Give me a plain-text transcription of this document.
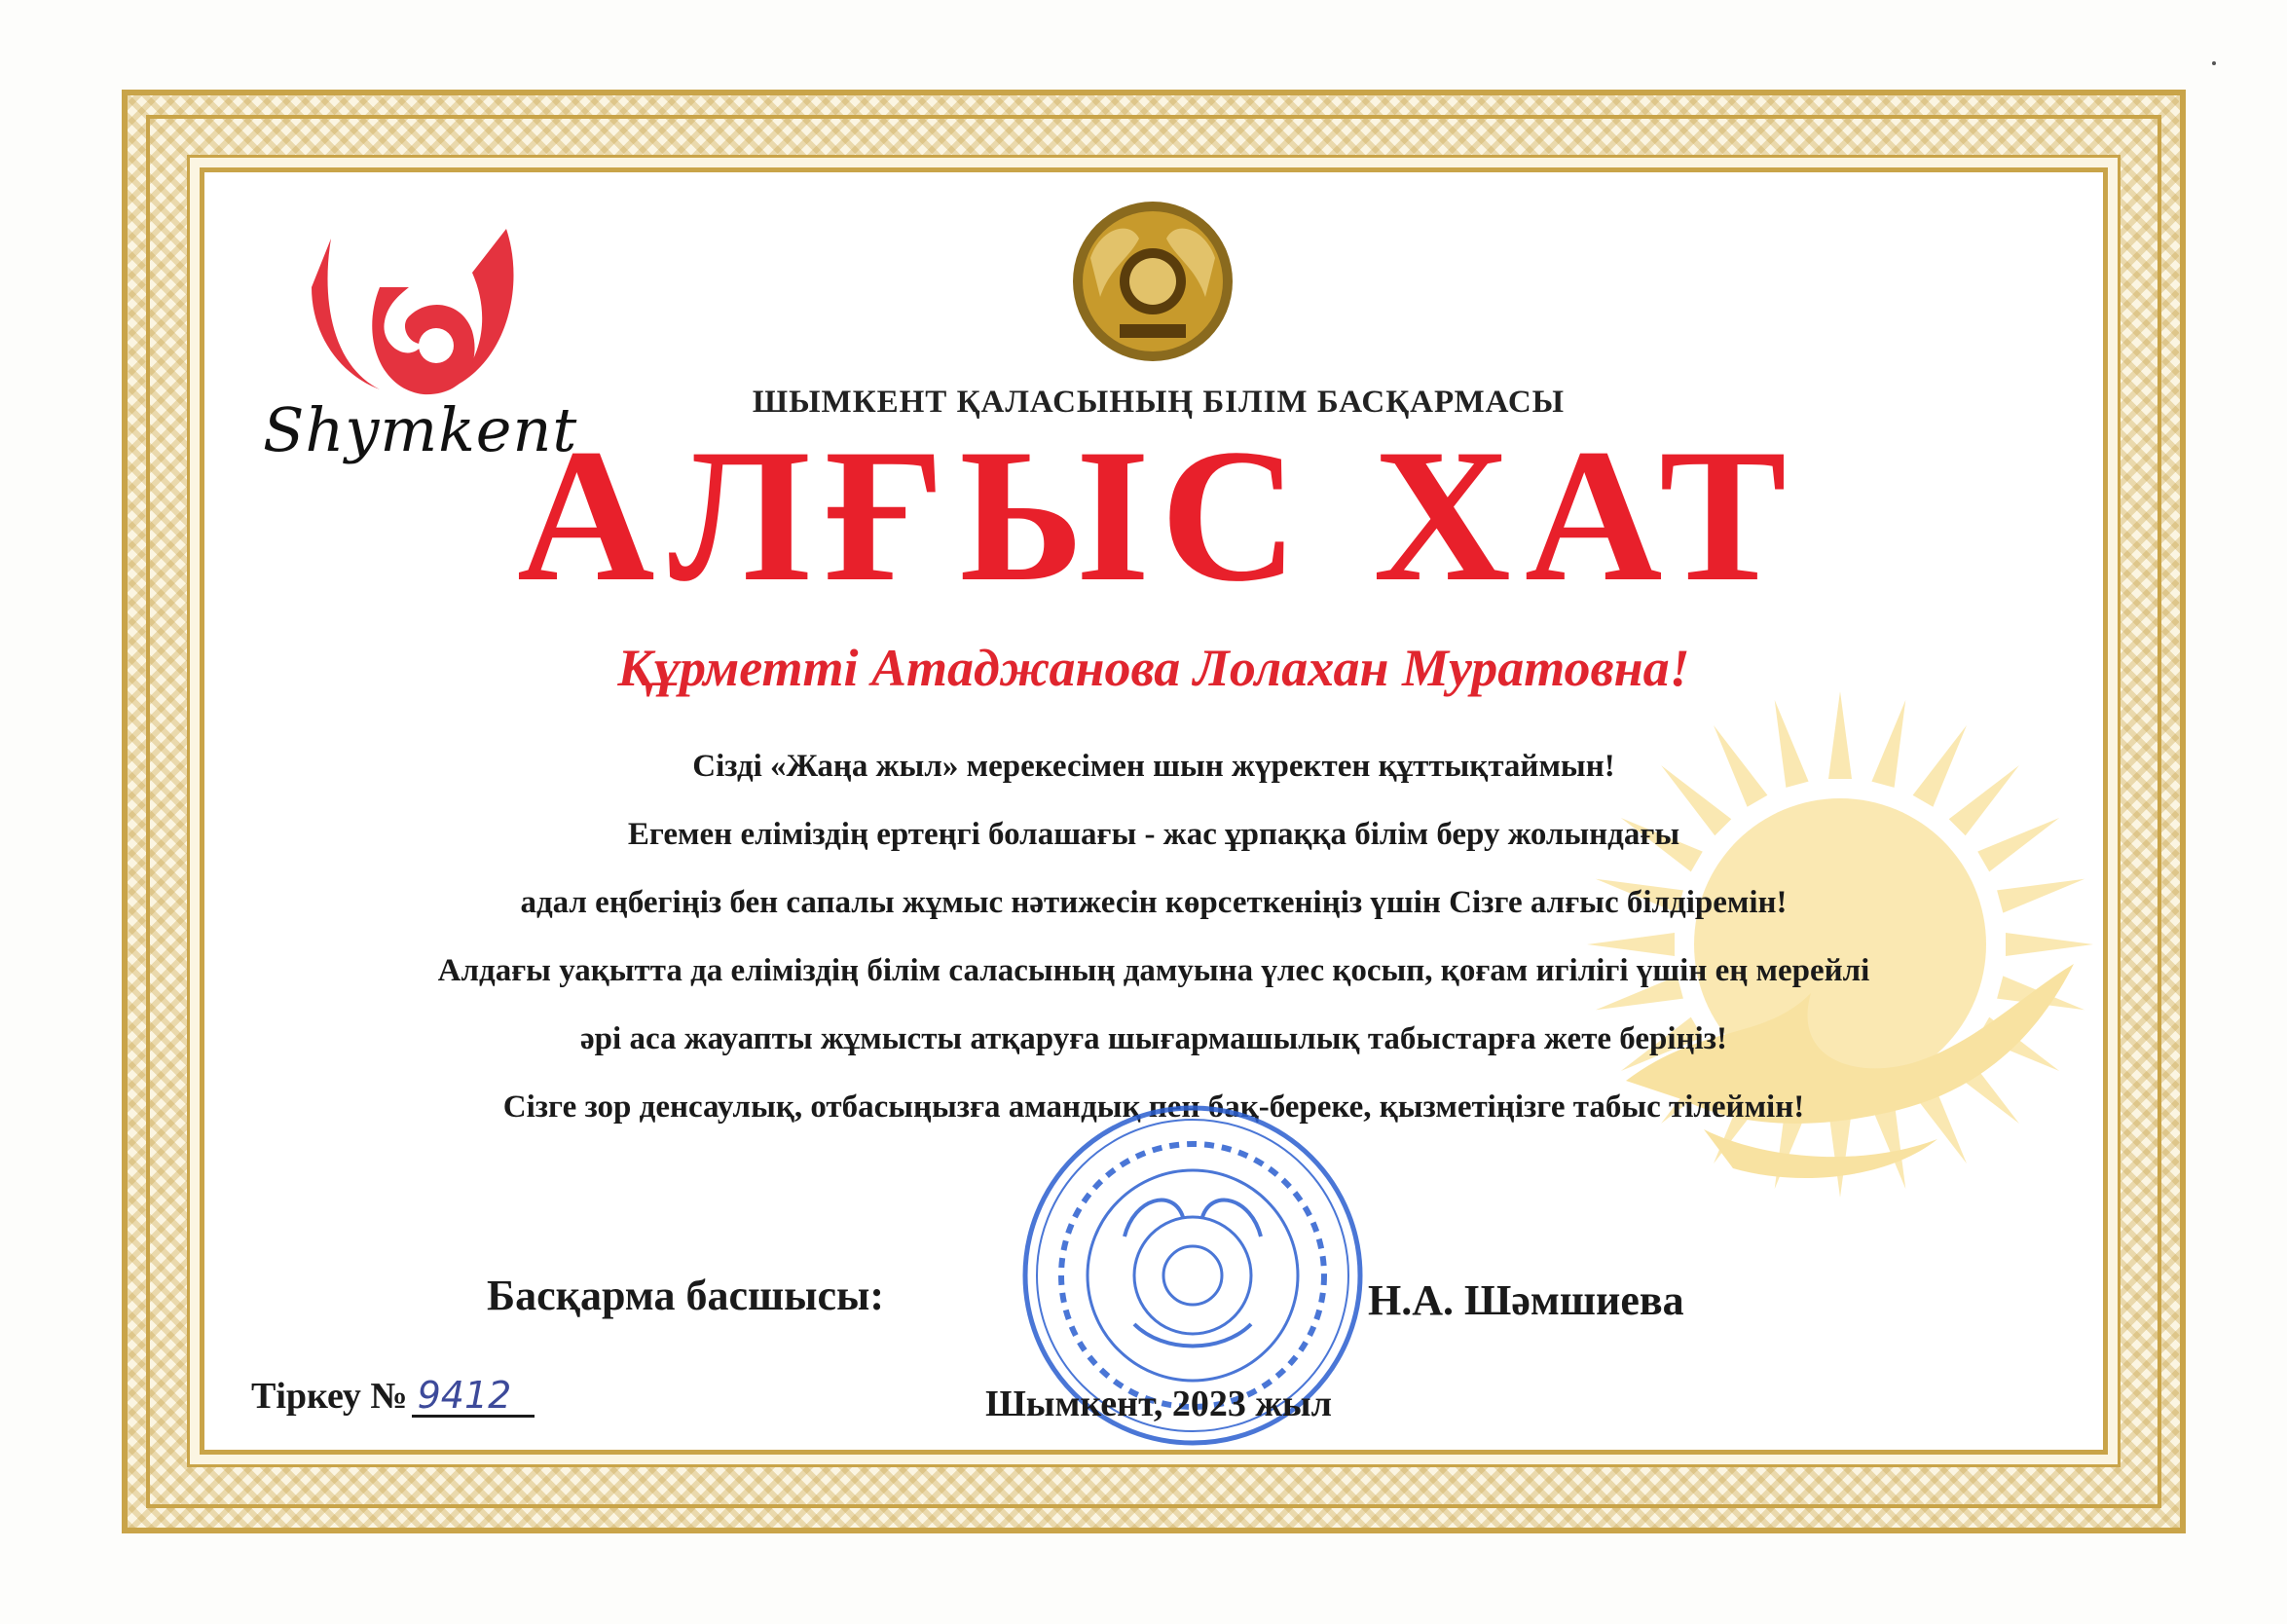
Shymkent	ШЫМКЕНТ ҚАЛАСЫНЫҢ БІЛІМ БАСҚАРМАСЫ
АЛҒЫС ХАТ
Құрметті Атаджанова Лолахан Муратовна!
Сізді «Жаңа жыл» мерекесімен шын жүректен құттықтаймын!
Егемен еліміздің ертеңгі болашағы - жас ұрпаққа білім беру жолындағы
адал еңбегіңіз бен сапалы жұмыс нәтижесін көрсеткеніңіз үшін Сізге алғыс білдіремін!
Алдағы уақытта да еліміздің білім саласының дамуына үлес қосып, қоғам игілігі үшін ең мерейлі
әрі аса жауапты жұмысты атқаруға шығармашылық табыстарға жете беріңіз!
Сізге зор денсаулық, отбасыңызға амандық пен бақ-береке, қызметіңізге табыс тілеймін!
Басқарма басшысы:	Н.А. Шәмшиева
Тіркеу № 9412	Шымкент, 2023 жыл
